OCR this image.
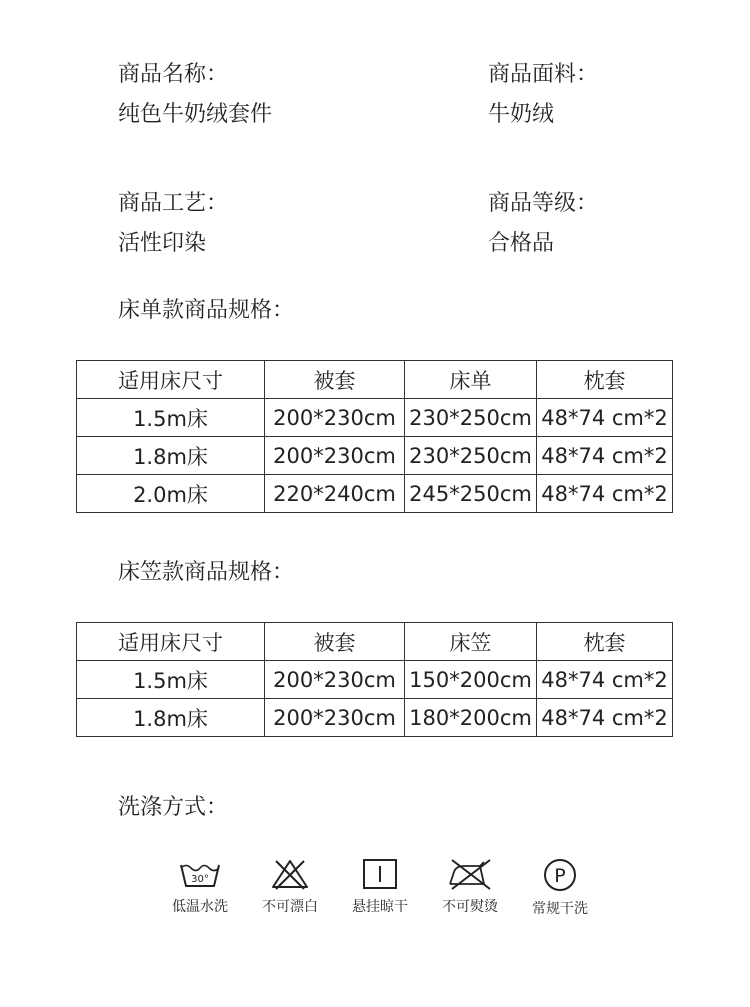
商品名称：
纯色牛奶绒套件
商品面料：
牛奶绒
商品工艺：
活性印染
商品等级：
合格品
床单款商品规格：
适用床尺寸	被套	床单	枕套
1.5m床	200*230cm	230*250cm	48*74 cm*2
1.8m床	200*230cm	230*250cm	48*74 cm*2
2.0m床	220*240cm	245*250cm	48*74 cm*2
床笠款商品规格：
适用床尺寸	被套	床笠	枕套
1.5m床	200*230cm	150*200cm	48*74 cm*2
1.8m床	200*230cm	180*200cm	48*74 cm*2
洗涤方式：
30°
低温水洗 不可漂白 悬挂晾干 不可熨烫
P
常规干洗
